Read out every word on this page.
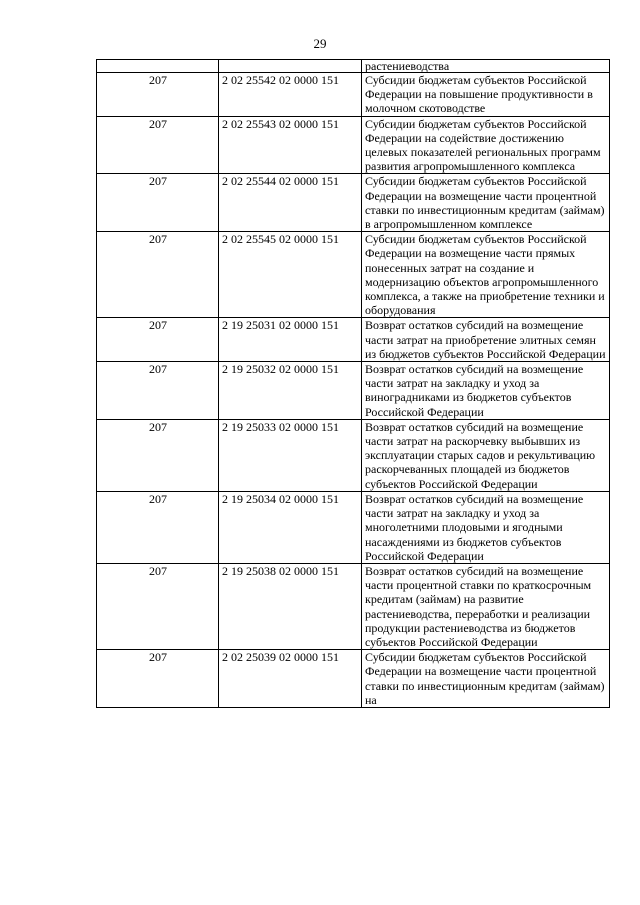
29
		растениеводства
207	2 02 25542 02 0000 151	Субсидии бюджетам субъектов Российской Федерации на повышение продуктивности в молочном скотоводстве
207	2 02 25543 02 0000 151	Субсидии бюджетам субъектов Российской Федерации на содействие достижению целевых показателей региональных программ развития агропромышленного комплекса
207	2 02 25544 02 0000 151	Субсидии бюджетам субъектов Российской Федерации на возмещение части процентной ставки по инвестиционным кредитам (займам) в агропромышленном комплексе
207	2 02 25545 02 0000 151	Субсидии бюджетам субъектов Российской Федерации на возмещение части прямых понесенных затрат на создание и модернизацию объектов агропромышленного комплекса, а также на приобретение техники и оборудования
207	2 19 25031 02 0000 151	Возврат остатков субсидий на возмещение части затрат на приобретение элитных семян из бюджетов субъектов Российской Федерации
207	2 19 25032 02 0000 151	Возврат остатков субсидий на возмещение части затрат на закладку и уход за виноградниками из бюджетов субъектов Российской Федерации
207	2 19 25033 02 0000 151	Возврат остатков субсидий на возмещение части затрат на раскорчевку выбывших из эксплуатации старых садов и рекультивацию раскорчеванных площадей из бюджетов субъектов Российской Федерации
207	2 19 25034 02 0000 151	Возврат остатков субсидий на возмещение части затрат на закладку и уход за многолетними плодовыми и ягодными насаждениями из бюджетов субъектов Российской Федерации
207	2 19 25038 02 0000 151	Возврат остатков субсидий на возмещение части процентной ставки по краткосрочным кредитам (займам) на развитие растениеводства, переработки и реализации продукции растениеводства из бюджетов субъектов Российской Федерации
207	2 02 25039 02 0000 151	Субсидии бюджетам субъектов Российской Федерации на возмещение части процентной ставки по инвестиционным кредитам (займам) на
